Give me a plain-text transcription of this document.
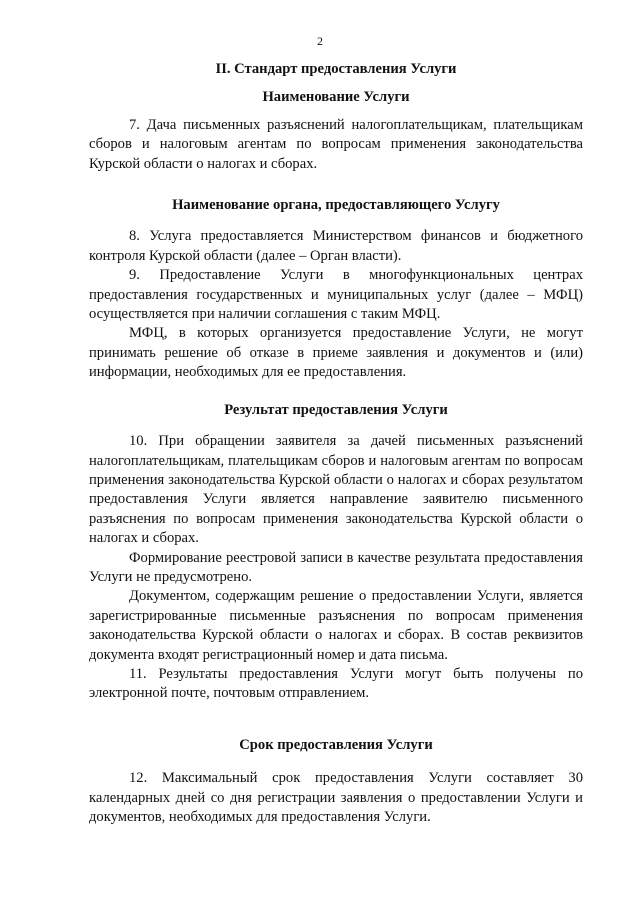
2

II. Стандарт предоставления Услуги

Наименование Услуги

7. Дача письменных разъяснений налогоплательщикам, плательщикам сборов и налоговым агентам по вопросам применения законодательства Курской области о налогах и сборах.

Наименование органа, предоставляющего Услугу

8. Услуга предоставляется Министерством финансов и бюджетного контроля Курской области (далее – Орган власти).

9. Предоставление Услуги в многофункциональных центрах предоставления государственных и муниципальных услуг (далее – МФЦ) осуществляется при наличии соглашения с таким МФЦ.

МФЦ, в которых организуется предоставление Услуги, не могут принимать решение об отказе в приеме заявления и документов и (или) информации, необходимых для ее предоставления.

Результат предоставления Услуги

10. При обращении заявителя за дачей письменных разъяснений налогоплательщикам, плательщикам сборов и налоговым агентам по вопросам применения законодательства Курской области о налогах и сборах результатом предоставления Услуги является направление заявителю письменного разъяснения по вопросам применения законодательства Курской области о налогах и сборах.

Формирование реестровой записи в качестве результата предоставления Услуги не предусмотрено.

Документом, содержащим решение о предоставлении Услуги, является зарегистрированные письменные разъяснения по вопросам применения законодательства Курской области о налогах и сборах. В состав реквизитов документа входят регистрационный номер и дата письма.

11. Результаты предоставления Услуги могут быть получены по электронной почте, почтовым отправлением.

Срок предоставления Услуги

12. Максимальный срок предоставления Услуги составляет 30 календарных дней со дня регистрации заявления о предоставлении Услуги и документов, необходимых для предоставления Услуги.
